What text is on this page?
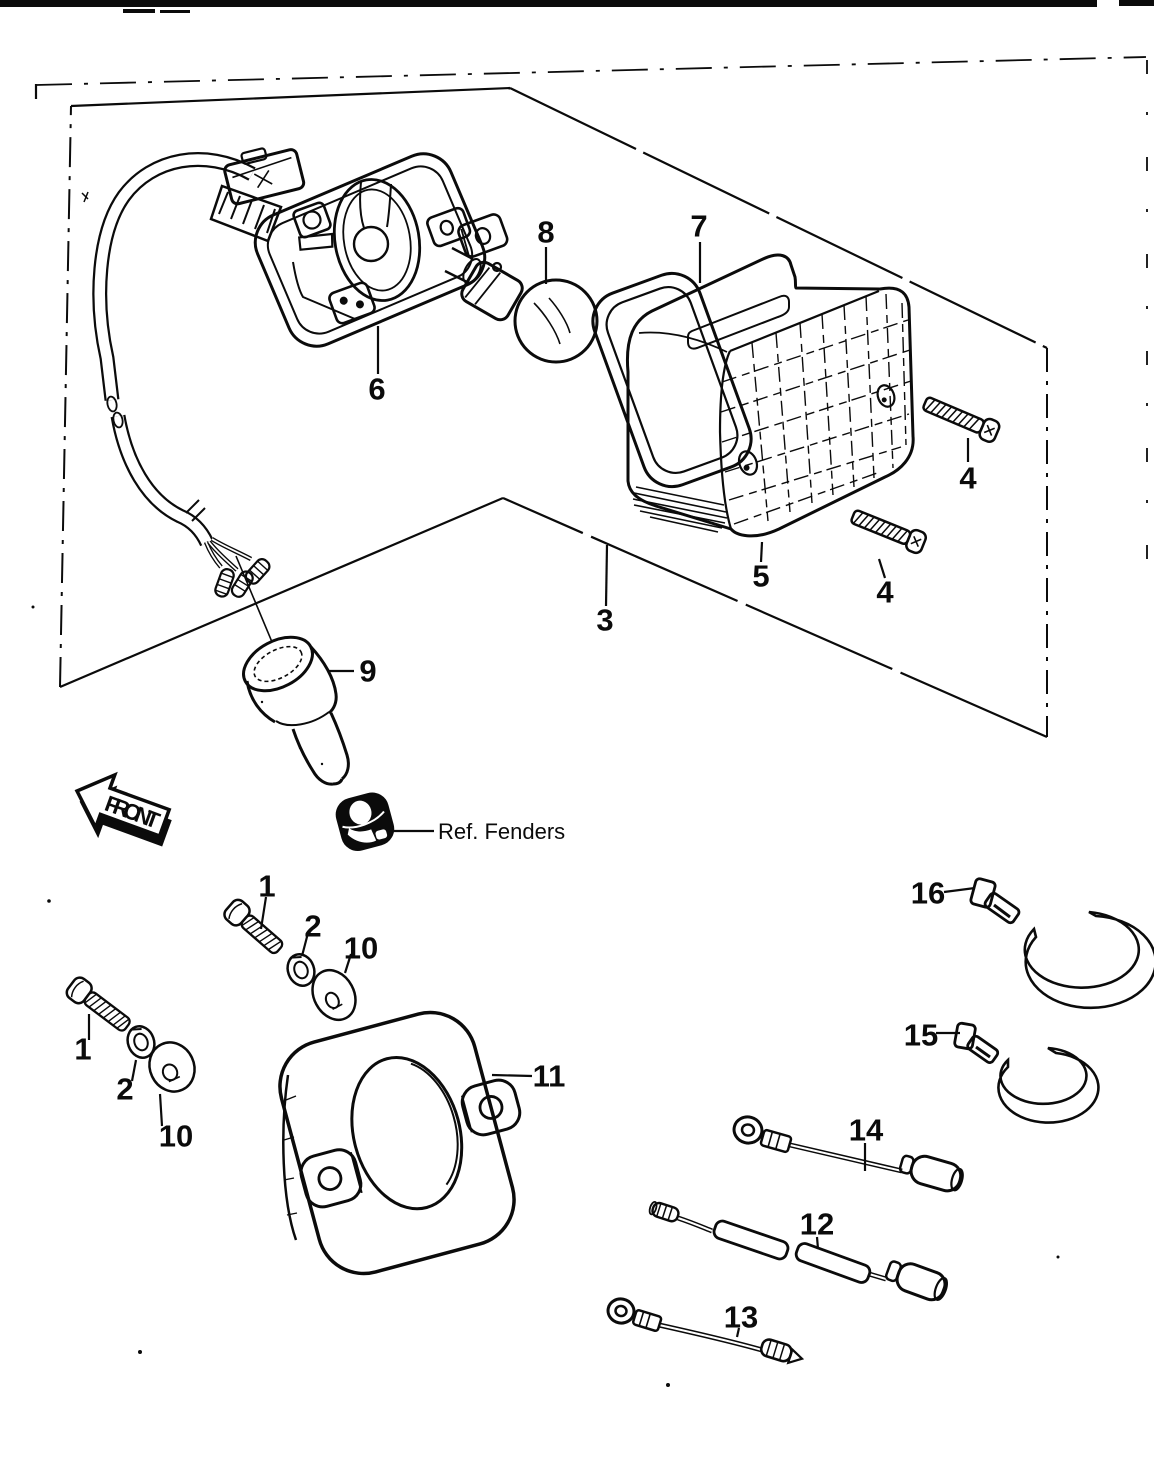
FRONT
8	7
6
5
4
4
3
9
1
2
10
1
2
10
11
16
15
14
12
13
Ref. Fenders
